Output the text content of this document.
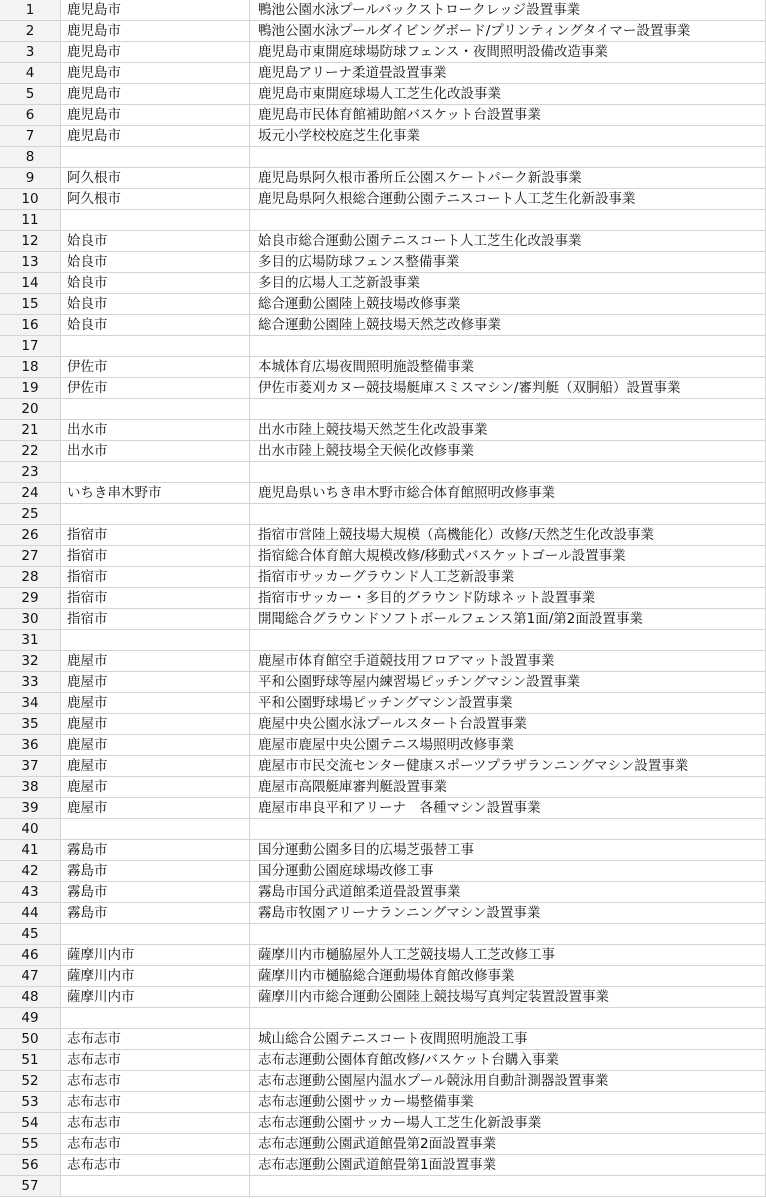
1	鹿児島市	鴨池公園水泳プールバックストロークレッジ設置事業
2	鹿児島市	鴨池公園水泳プールダイビングボード/プリンティングタイマー設置事業
3	鹿児島市	鹿児島市東開庭球場防球フェンス・夜間照明設備改造事業
4	鹿児島市	鹿児島アリーナ柔道畳設置事業
5	鹿児島市	鹿児島市東開庭球場人工芝生化改設事業
6	鹿児島市	鹿児島市民体育館補助館バスケット台設置事業
7	鹿児島市	坂元小学校校庭芝生化事業
8		
9	阿久根市	鹿児島県阿久根市番所丘公園スケートパーク新設事業
10	阿久根市	鹿児島県阿久根総合運動公園テニスコート人工芝生化新設事業
11		
12	姶良市	姶良市総合運動公園テニスコート人工芝生化改設事業
13	姶良市	多目的広場防球フェンス整備事業
14	姶良市	多目的広場人工芝新設事業
15	姶良市	総合運動公園陸上競技場改修事業
16	姶良市	総合運動公園陸上競技場天然芝改修事業
17		
18	伊佐市	本城体育広場夜間照明施設整備事業
19	伊佐市	伊佐市菱刈カヌー競技場艇庫スミスマシン/審判艇（双胴船）設置事業
20		
21	出水市	出水市陸上競技場天然芝生化改設事業
22	出水市	出水市陸上競技場全天候化改修事業
23		
24	いちき串木野市	鹿児島県いちき串木野市総合体育館照明改修事業
25		
26	指宿市	指宿市営陸上競技場大規模（高機能化）改修/天然芝生化改設事業
27	指宿市	指宿総合体育館大規模改修/移動式バスケットゴール設置事業
28	指宿市	指宿市サッカーグラウンド人工芝新設事業
29	指宿市	指宿市サッカー・多目的グラウンド防球ネット設置事業
30	指宿市	開聞総合グラウンドソフトボールフェンス第1面/第2面設置事業
31		
32	鹿屋市	鹿屋市体育館空手道競技用フロアマット設置事業
33	鹿屋市	平和公園野球等屋内練習場ピッチングマシン設置事業
34	鹿屋市	平和公園野球場ピッチングマシン設置事業
35	鹿屋市	鹿屋中央公園水泳プールスタート台設置事業
36	鹿屋市	鹿屋市鹿屋中央公園テニス場照明改修事業
37	鹿屋市	鹿屋市市民交流センター健康スポーツプラザランニングマシン設置事業
38	鹿屋市	鹿屋市高隈艇庫審判艇設置事業
39	鹿屋市	鹿屋市串良平和アリーナ　各種マシン設置事業
40		
41	霧島市	国分運動公園多目的広場芝張替工事
42	霧島市	国分運動公園庭球場改修工事
43	霧島市	霧島市国分武道館柔道畳設置事業
44	霧島市	霧島市牧園アリーナランニングマシン設置事業
45		
46	薩摩川内市	薩摩川内市樋脇屋外人工芝競技場人工芝改修工事
47	薩摩川内市	薩摩川内市樋脇総合運動場体育館改修事業
48	薩摩川内市	薩摩川内市総合運動公園陸上競技場写真判定装置設置事業
49		
50	志布志市	城山総合公園テニスコート夜間照明施設工事
51	志布志市	志布志運動公園体育館改修/バスケット台購入事業
52	志布志市	志布志運動公園屋内温水プール競泳用自動計測器設置事業
53	志布志市	志布志運動公園サッカー場整備事業
54	志布志市	志布志運動公園サッカー場人工芝生化新設事業
55	志布志市	志布志運動公園武道館畳第2面設置事業
56	志布志市	志布志運動公園武道館畳第1面設置事業
57		
